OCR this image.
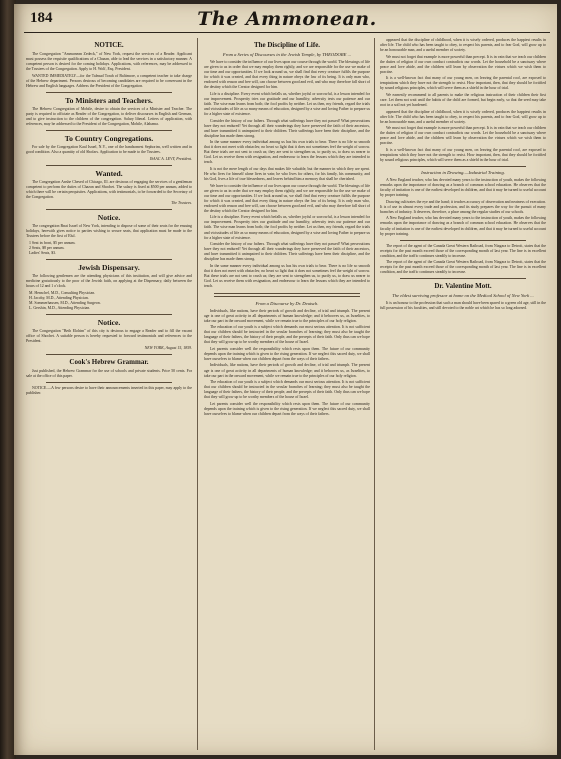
184	The Ammonean.
NOTICE.

The Congregation "Ammonean Zedeck," of New York, request the services of a Reader. Applicant must possess the requisite qualifications of a Chazan, able to lead the services in a satisfactory manner. A competent person is desired for the coming holidays. Applications, with references, may be addressed to the Trustees of the Congregation. Apply to H. Wolf, Esq. President.

WANTED IMMEDIATELY—for the Talmud Torah of Baltimore, a competent teacher to take charge of the Hebrew department. Persons desirous of becoming candidates are required to be conversant in the Hebrew and English languages. Address the President of the Congregation.

To Ministers and Teachers.

The Hebrew Congregation of Mobile, desire to obtain the services of a Minister and Teacher. The party is required to officiate as Reader of the Congregation, to deliver discourses in English and German, and to give instruction to the children of the congregation. Salary liberal. Letters of application, with references, may be addressed to the President of the Congregation, Mobile, Alabama.

To Country Congregations.

For sale by the Congregation Kaal Israel, N.Y., one of the handsomest Sephorim, well written and in good condition. Also a quantity of old Shofars. Application to be made to the Trustees.

ISAAC A. LEVY, President.
Wanted.

The Congregation Anshe Chesed of Chicago, Ill. are desirous of engaging the services of a gentleman competent to perform the duties of Chazan and Shochet. The salary is fixed at $500 per annum, added to which there will be certain perquisites. Applications, with testimonials, to be forwarded to the Secretary of the Congregation.

The Trustees.
Notice.

The congregation Bnai Israel of New York, intending to dispose of some of their seats for the ensuing holidays, herewith gives notice to parties wishing to secure seats, that application must be made to the Trustees before the first of Elul.

1 Seat in front, $5 per annum.
2 Seats, $8 per annum.
Ladies' Seats, $3.
Jewish Dispensary.

The following gentlemen are the attending physicians of this institution, and will give advice and medicine gratuitously to the poor of the Jewish faith, on applying at the Dispensary, daily between the hours of 12 and 1 o'clock.

M. Henschel, M.D., Consulting Physician.
H. Jacoby, M.D., Attending Physician.
M. Sommerhausen, M.D., Attending Surgeon.
L. Gershin, M.D., Attending Physician.
Notice.

The Congregation "Beth Elohim" of this city is desirous to engage a Reader and to fill the vacant office of Shochet. A suitable person is hereby requested to forward testimonials and references to the President.

NEW YORK, August 15, 1859.
Cook's Hebrew Grammar.

Just published, the Hebrew Grammar for the use of schools and private students. Price 50 cents. For sale at the office of this paper.

NOTICE.—A few persons desire to have their announcements inserted in this paper, may apply to the publisher.

The Discipline of Life.
From a Series of Discourses in the Jewish Temple, by THEODORE ...

We have to consider the influence of our lives upon our course through the world. The blessings of life are given to us in order that we may employ them rightly, and we are responsible for the use we make of our time and our opportunities. If we look around us, we shall find that every creature fulfils the purpose for which it was created, and that every thing in nature obeys the law of its being. It is only man who, endowed with reason and free will, can choose between good and evil, and who may therefore fall short of the destiny which the Creator designed for him.

Life is a discipline. Every event which befalls us, whether joyful or sorrowful, is a lesson intended for our improvement. Prosperity tries our gratitude and our humility; adversity tests our patience and our faith. The wise man learns from both; the fool profits by neither. Let us then, my friends, regard the trials and vicissitudes of life as so many means of education, designed by a wise and loving Father to prepare us for a higher state of existence.

Consider the history of our fathers. Through what sufferings have they not passed! What persecutions have they not endured! Yet through all their wanderings they have preserved the faith of their ancestors, and have transmitted it unimpaired to their children. Their sufferings have been their discipline, and the discipline has made them strong.

In the same manner every individual among us has his own trials to bear. There is no life so smooth that it does not meet with obstacles; no heart so light that it does not sometimes feel the weight of sorrow. But these trials are not sent to crush us; they are sent to strengthen us, to purify us, to draw us nearer to God. Let us receive them with resignation, and endeavour to learn the lessons which they are intended to teach.

It is not the mere length of our days that makes life valuable, but the manner in which they are spent. He who lives for himself alone lives in vain; he who lives for others, for his family, his community, and his God, lives a life of true blessedness, and leaves behind him a memory that shall be cherished.

We have to consider the influence of our lives upon our course through the world. The blessings of life are given to us in order that we may employ them rightly, and we are responsible for the use we make of our time and our opportunities. If we look around us, we shall find that every creature fulfils the purpose for which it was created, and that every thing in nature obeys the law of its being. It is only man who, endowed with reason and free will, can choose between good and evil, and who may therefore fall short of the destiny which the Creator designed for him.

Life is a discipline. Every event which befalls us, whether joyful or sorrowful, is a lesson intended for our improvement. Prosperity tries our gratitude and our humility; adversity tests our patience and our faith. The wise man learns from both; the fool profits by neither. Let us then, my friends, regard the trials and vicissitudes of life as so many means of education, designed by a wise and loving Father to prepare us for a higher state of existence.

Consider the history of our fathers. Through what sufferings have they not passed! What persecutions have they not endured! Yet through all their wanderings they have preserved the faith of their ancestors, and have transmitted it unimpaired to their children. Their sufferings have been their discipline, and the discipline has made them strong.

In the same manner every individual among us has his own trials to bear. There is no life so smooth that it does not meet with obstacles; no heart so light that it does not sometimes feel the weight of sorrow. But these trials are not sent to crush us; they are sent to strengthen us, to purify us, to draw us nearer to God. Let us receive them with resignation, and endeavour to learn the lessons which they are intended to teach.

From a Discourse by Dr. Deutsch.

Individuals, like nations, have their periods of growth and decline, of trial and triumph. The present age is one of great activity in all departments of human knowledge; and it behooves us, as Israelites, to take our part in the onward movement, while we remain true to the principles of our holy religion.

The education of our youth is a subject which demands our most serious attention. It is not sufficient that our children should be instructed in the secular branches of learning; they must also be taught the language of their fathers, the history of their people, and the precepts of their faith. Only thus can we hope that they will grow up to be worthy members of the house of Israel.

Let parents consider well the responsibility which rests upon them. The future of our community depends upon the training which is given to the rising generation. If we neglect this sacred duty, we shall have ourselves to blame when our children depart from the ways of their fathers.

Individuals, like nations, have their periods of growth and decline, of trial and triumph. The present age is one of great activity in all departments of human knowledge; and it behooves us, as Israelites, to take our part in the onward movement, while we remain true to the principles of our holy religion.

The education of our youth is a subject which demands our most serious attention. It is not sufficient that our children should be instructed in the secular branches of learning; they must also be taught the language of their fathers, the history of their people, and the precepts of their faith. Only thus can we hope that they will grow up to be worthy members of the house of Israel.

Let parents consider well the responsibility which rests upon them. The future of our community depends upon the training which is given to the rising generation. If we neglect this sacred duty, we shall have ourselves to blame when our children depart from the ways of their fathers.

appeared that the discipline of childhood, when it is wisely ordered, produces the happiest results in after life. The child who has been taught to obey, to respect his parents, and to fear God, will grow up to be an honourable man, and a useful member of society.

We must not forget that example is more powerful than precept. It is in vain that we teach our children the duties of religion if our own conduct contradicts our words. Let the household be a sanctuary where peace and love abide, and the children will learn by observation the virtues which we wish them to practise.

It is a well-known fact that many of our young men, on leaving the parental roof, are exposed to temptations which they have not the strength to resist. How important, then, that they should be fortified by sound religious principles, which will serve them as a shield in the hour of trial.

We earnestly recommend to all parents to make the religious instruction of their children their first care. Let them not wait until the habits of the child are formed, but begin early, so that the seed may take root in a soil not yet hardened.

appeared that the discipline of childhood, when it is wisely ordered, produces the happiest results in after life. The child who has been taught to obey, to respect his parents, and to fear God, will grow up to be an honourable man, and a useful member of society.

We must not forget that example is more powerful than precept. It is in vain that we teach our children the duties of religion if our own conduct contradicts our words. Let the household be a sanctuary where peace and love abide, and the children will learn by observation the virtues which we wish them to practise.

It is a well-known fact that many of our young men, on leaving the parental roof, are exposed to temptations which they have not the strength to resist. How important, then, that they should be fortified by sound religious principles, which will serve them as a shield in the hour of trial.

Instruction in Drawing.—Industrial Training.

A New England teacher, who has devoted many years to the instruction of youth, makes the following remarks upon the importance of drawing as a branch of common school education. He observes that the faculty of imitation is one of the earliest developed in children, and that it may be turned to useful account by proper training.

Drawing cultivates the eye and the hand; it teaches accuracy of observation and neatness of execution. It is of use in almost every trade and profession, and its study prepares the way for the pursuit of many branches of industry. It deserves, therefore, a place among the regular studies of our schools.

A New England teacher, who has devoted many years to the instruction of youth, makes the following remarks upon the importance of drawing as a branch of common school education. He observes that the faculty of imitation is one of the earliest developed in children, and that it may be turned to useful account by proper training.

The report of the agent of the Canada Great Western Railroad, from Niagara to Detroit, states that the receipts for the past month exceed those of the corresponding month of last year. The line is in excellent condition, and the traffic continues steadily to increase.

The report of the agent of the Canada Great Western Railroad, from Niagara to Detroit, states that the receipts for the past month exceed those of the corresponding month of last year. The line is in excellent condition, and the traffic continues steadily to increase.

Dr. Valentine Mott.
The eldest surviving professor at home on the Medical School of New York ...

It is an honour to the profession that such a man should have been spared to a green old age, still in the full possession of his faculties, and still devoted to the noble art which he has so long adorned.
